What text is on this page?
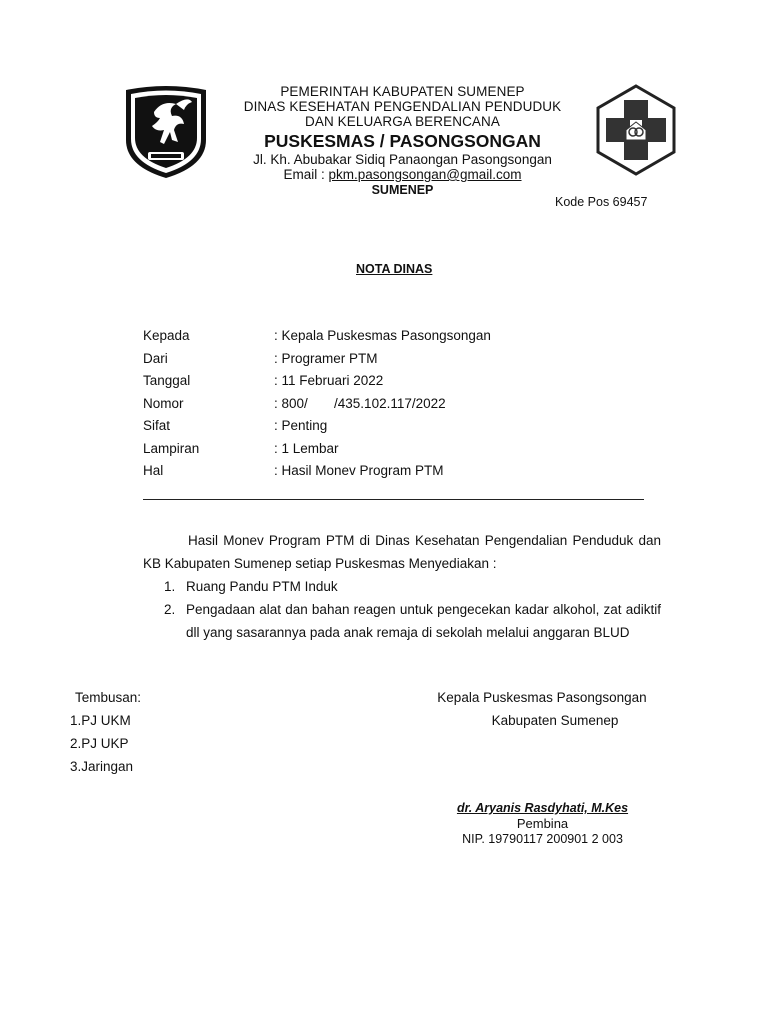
PEMERINTAH KABUPATEN SUMENEP
DINAS KESEHATAN PENGENDALIAN PENDUDUK
DAN KELUARGA BERENCANA
PUSKESMAS / PASONGSONGAN
Jl. Kh. Abubakar Sidiq Panaongan Pasongsongan
Email : pkm.pasongsongan@gmail.com
SUMENEP
Kode Pos 69457
NOTA DINAS
Kepada	: Kepala Puskesmas Pasongsongan
Dari	: Programer PTM
Tanggal	: 11 Februari 2022
Nomor	: 800/       /435.102.117/2022
Sifat	: Penting
Lampiran	: 1 Lembar
Hal	: Hasil Monev Program PTM

Hasil Monev Program PTM di Dinas Kesehatan Pengendalian Penduduk dan KB Kabupaten Sumenep setiap Puskesmas Menyediakan :

1. Ruang Pandu PTM Induk
2. Pengadaan alat dan bahan reagen untuk pengecekan kadar alkohol, zat adiktif dll yang sasarannya pada anak remaja di sekolah melalui anggaran BLUD
Tembusan:
1.PJ UKM
2.PJ UKP
3.Jaringan
Kepala Puskesmas Pasongsongan
Kabupaten Sumenep
dr. Aryanis Rasdyhati, M.Kes
Pembina
NIP. 19790117 200901 2 003
